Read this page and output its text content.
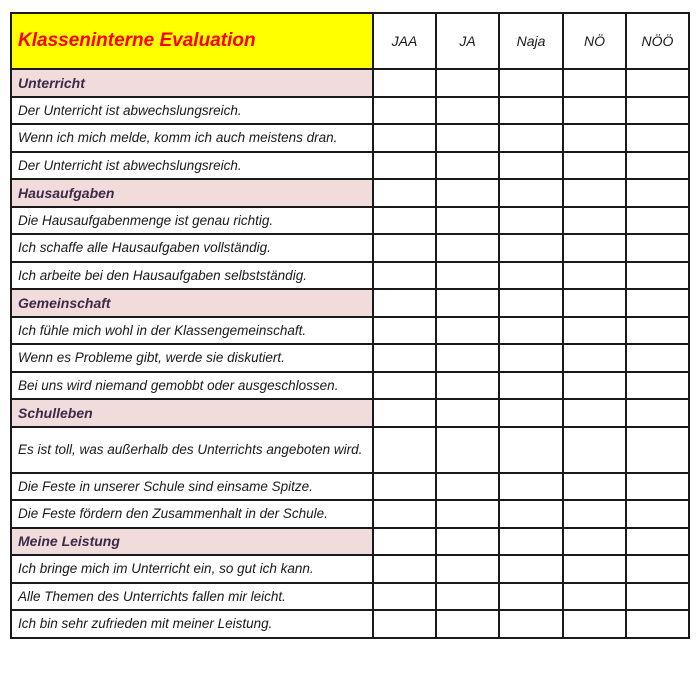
Klasseninterne Evaluation	JAA	JA	Naja	NÖ	NÖÖ
Unterricht					
Der Unterricht ist abwechslungsreich.					
Wenn ich mich melde, komm ich auch meistens dran.					
Der Unterricht ist abwechslungsreich.					
Hausaufgaben					
Die Hausaufgabenmenge ist genau richtig.					
Ich schaffe alle Hausaufgaben vollständig.					
Ich arbeite bei den Hausaufgaben selbstständig.					
Gemeinschaft					
Ich fühle mich wohl in der Klassengemeinschaft.					
Wenn es Probleme gibt, werde sie diskutiert.					
Bei uns wird niemand gemobbt oder ausgeschlossen.					
Schulleben					
Es ist toll, was außerhalb des Unterrichts angeboten wird.					
Die Feste in unserer Schule sind einsame Spitze.					
Die Feste fördern den Zusammenhalt in der Schule.					
Meine Leistung					
Ich bringe mich im Unterricht ein, so gut ich kann.					
Alle Themen des Unterrichts fallen mir leicht.					
Ich bin sehr zufrieden mit meiner Leistung.					
